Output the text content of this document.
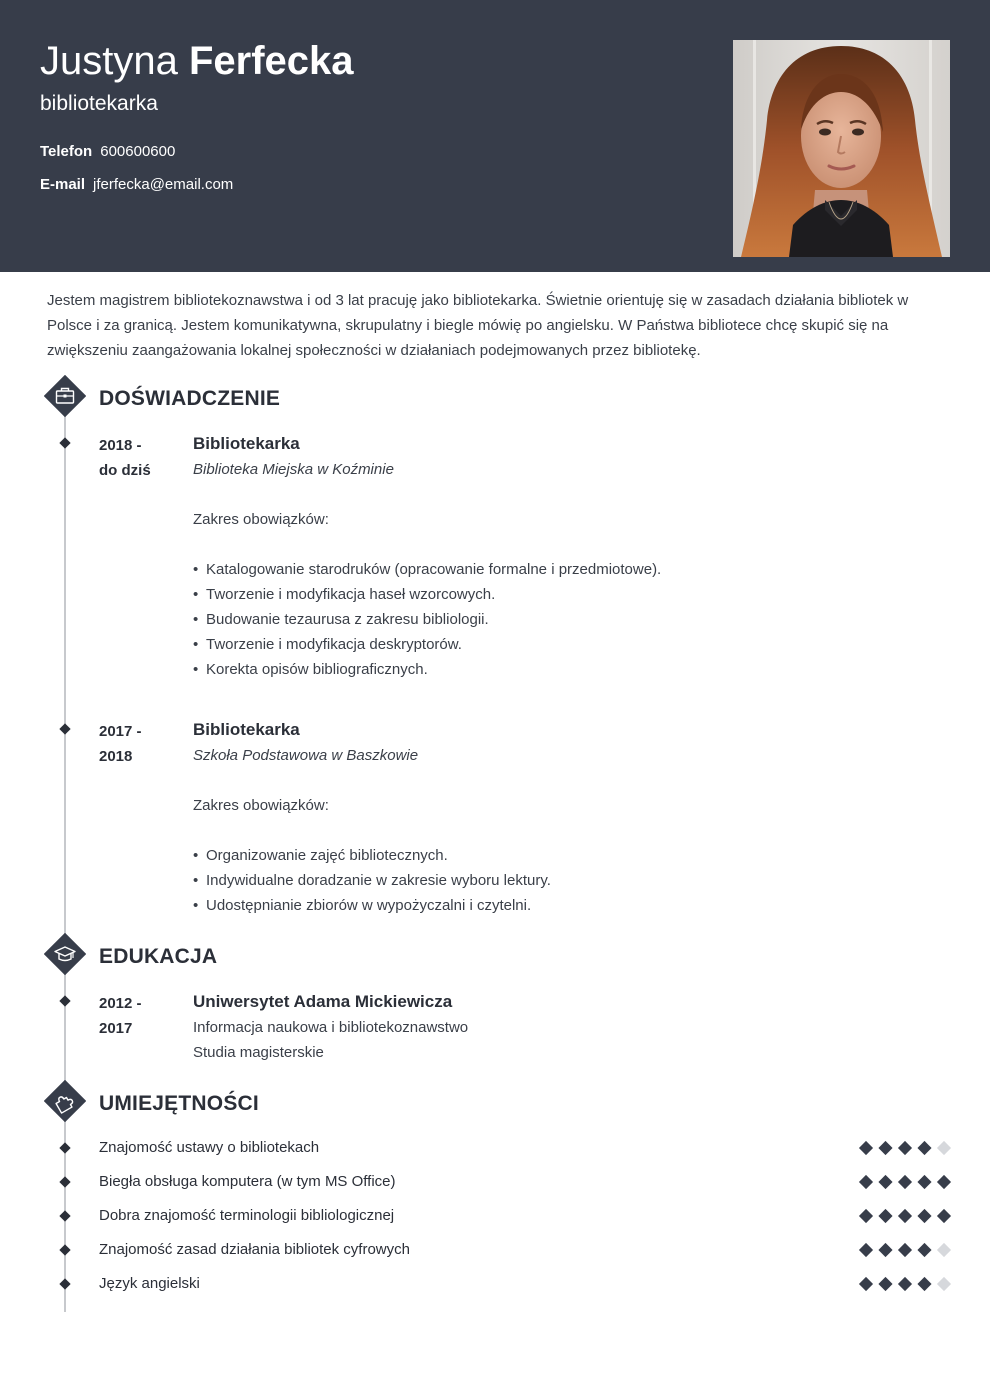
Justyna Ferfecka
bibliotekarka
Telefon 600600600
E-mail jferfecka@email.com
Jestem magistrem bibliotekoznawstwa i od 3 lat pracuję jako bibliotekarka. Świetnie orientuję się w zasadach działania bibliotek w Polsce i za granicą. Jestem komunikatywna, skrupulatny i biegle mówię po angielsku. W Państwa bibliotece chcę skupić się na zwiększeniu zaangażowania lokalnej społeczności w działaniach podejmowanych przez bibliotekę.
DOŚWIADCZENIE
2018 -
do dziś
Bibliotekarka
Biblioteka Miejska w Koźminie
Zakres obowiązków:
• Katalogowanie starodruków (opracowanie formalne i przedmiotowe).
• Tworzenie i modyfikacja haseł wzorcowych.
• Budowanie tezaurusa z zakresu bibliologii.
• Tworzenie i modyfikacja deskryptorów.
• Korekta opisów bibliograficznych.
2017 -
2018
Bibliotekarka
Szkoła Podstawowa w Baszkowie
Zakres obowiązków:
• Organizowanie zajęć bibliotecznych.
• Indywidualne doradzanie w zakresie wyboru lektury.
• Udostępnianie zbiorów w wypożyczalni i czytelni.
EDUKACJA
2012 -
2017
Uniwersytet Adama Mickiewicza
Informacja naukowa i bibliotekoznawstwo
Studia magisterskie
UMIEJĘTNOŚCI
Znajomość ustawy o bibliotekach
Biegła obsługa komputera (w tym MS Office)
Dobra znajomość terminologii bibliologicznej
Znajomość zasad działania bibliotek cyfrowych
Język angielski
